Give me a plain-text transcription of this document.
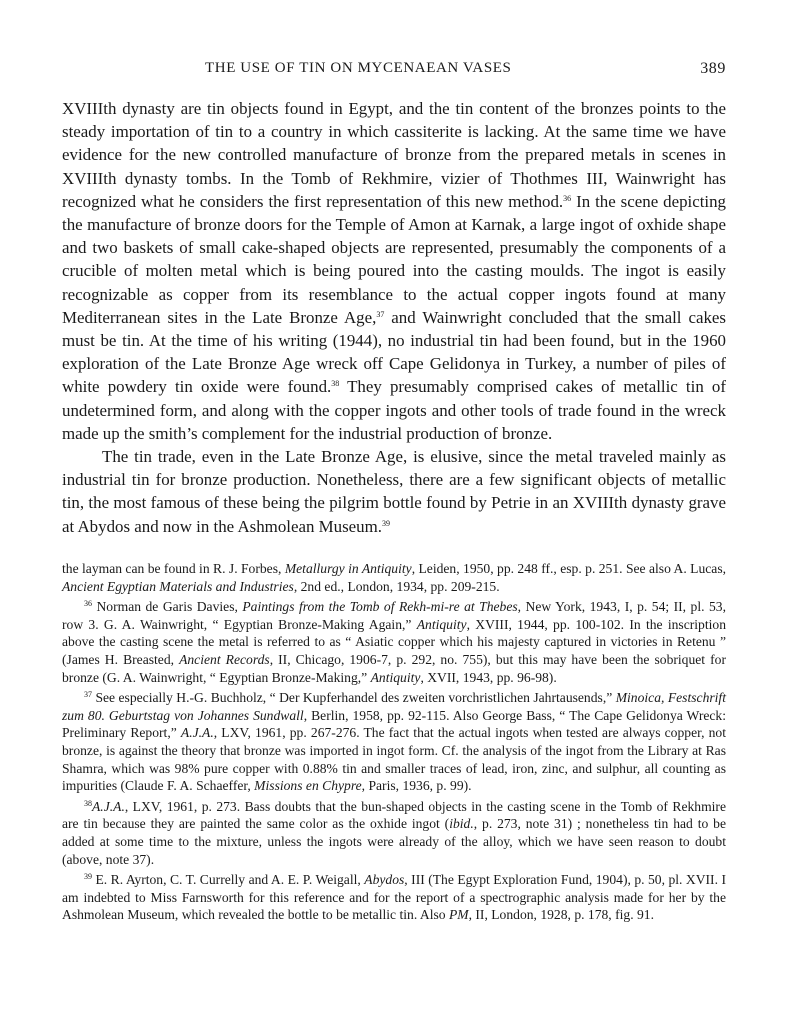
THE USE OF TIN ON MYCENAEAN VASES	389

XVIIIth dynasty are tin objects found in Egypt, and the tin content of the bronzes points to the steady importation of tin to a country in which cassiterite is lacking. At the same time we have evidence for the new controlled manufacture of bronze from the prepared metals in scenes in XVIIIth dynasty tombs. In the Tomb of Rekhmire, vizier of Thothmes III, Wainwright has recognized what he considers the first representation of this new method.$^{36}$ In the scene depicting the manufacture of bronze doors for the Temple of Amon at Karnak, a large ingot of oxhide shape and two baskets of small cake-shaped objects are represented, presumably the components of a crucible of molten metal which is being poured into the casting moulds. The ingot is easily recognizable as copper from its resemblance to the actual copper ingots found at many Mediterranean sites in the Late Bronze Age,$^{37}$ and Wainwright concluded that the small cakes must be tin. At the time of his writing (1944), no industrial tin had been found, but in the 1960 exploration of the Late Bronze Age wreck off Cape Gelidonya in Turkey, a number of piles of white powdery tin oxide were found.$^{38}$ They presumably comprised cakes of metallic tin of undetermined form, and along with the copper ingots and other tools of trade found in the wreck made up the smith’s complement for the industrial production of bronze.

The tin trade, even in the Late Bronze Age, is elusive, since the metal traveled mainly as industrial tin for bronze production. Nonetheless, there are a few significant objects of metallic tin, the most famous of these being the pilgrim bottle found by Petrie in an XVIIIth dynasty grave at Abydos and now in the Ashmolean Museum.$^{39}$

the layman can be found in R. J. Forbes, Metallurgy in Antiquity, Leiden, 1950, pp. 248 ff., esp. p. 251. See also A. Lucas, Ancient Egyptian Materials and Industries, 2nd ed., London, 1934, pp. 209-215.

$^{36}$ Norman de Garis Davies, Paintings from the Tomb of Rekh-mi-re at Thebes, New York, 1943, I, p. 54; II, pl. 53, row 3. G. A. Wainwright, “ Egyptian Bronze-Making Again,” Antiquity, XVIII, 1944, pp. 100-102. In the inscription above the casting scene the metal is referred to as “ Asiatic copper which his majesty captured in victories in Retenu ” (James H. Breasted, Ancient Records, II, Chicago, 1906-7, p. 292, no. 755), but this may have been the sobriquet for bronze (G. A. Wainwright, “ Egyptian Bronze-Making,” Antiquity, XVII, 1943, pp. 96-98).

$^{37}$ See especially H.-G. Buchholz, “ Der Kupferhandel des zweiten vorchristlichen Jahrtausends,” Minoica, Festschrift zum 80. Geburtstag von Johannes Sundwall, Berlin, 1958, pp. 92-115. Also George Bass, “ The Cape Gelidonya Wreck: Preliminary Report,” A.J.A., LXV, 1961, pp. 267-276. The fact that the actual ingots when tested are always copper, not bronze, is against the theory that bronze was imported in ingot form. Cf. the analysis of the ingot from the Library at Ras Shamra, which was 98% pure copper with 0.88% tin and smaller traces of lead, iron, zinc, and sulphur, all counting as impurities (Claude F. A. Schaeffer, Missions en Chypre, Paris, 1936, p. 99).

$^{38}$A.J.A., LXV, 1961, p. 273. Bass doubts that the bun-shaped objects in the casting scene in the Tomb of Rekhmire are tin because they are painted the same color as the oxhide ingot (ibid., p. 273, note 31) ; nonetheless tin had to be added at some time to the mixture, unless the ingots were already of the alloy, which we have seen reason to doubt (above, note 37).

$^{39}$ E. R. Ayrton, C. T. Currelly and A. E. P. Weigall, Abydos, III (The Egypt Exploration Fund, 1904), p. 50, pl. XVII. I am indebted to Miss Farnsworth for this reference and for the report of a spectrographic analysis made for her by the Ashmolean Museum, which revealed the bottle to be metallic tin. Also PM, II, London, 1928, p. 178, fig. 91.
